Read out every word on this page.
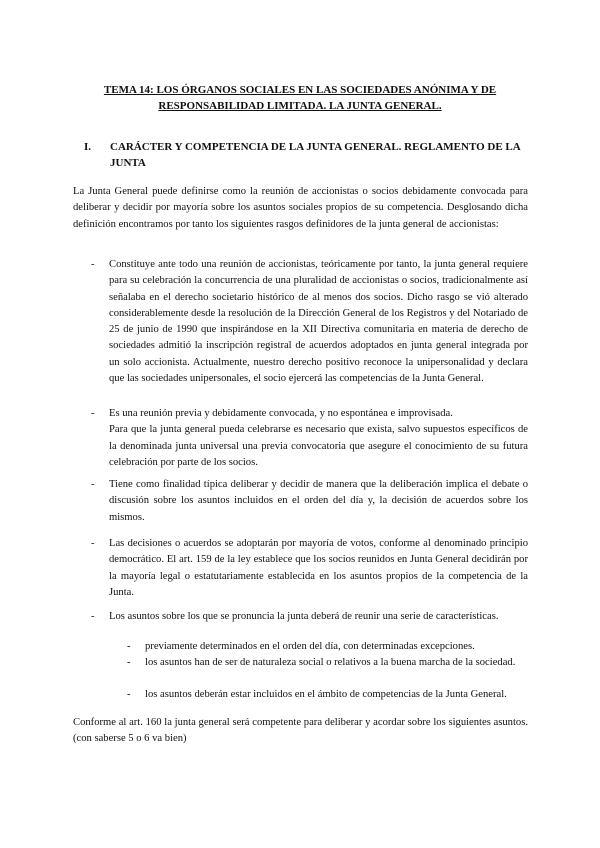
TEMA 14: LOS ÓRGANOS SOCIALES EN LAS SOCIEDADES ANÓNIMA Y DE RESPONSABILIDAD LIMITADA. LA JUNTA GENERAL.
I. CARÁCTER Y COMPETENCIA DE LA JUNTA GENERAL. REGLAMENTO DE LA JUNTA

La Junta General puede definirse como la reunión de accionistas o socios debidamente convocada para deliberar y decidir por mayoría sobre los asuntos sociales propios de su competencia. Desglosando dicha definición encontramos por tanto los siguientes rasgos definidores de la junta general de accionistas:

- Constituye ante todo una reunión de accionistas, teóricamente por tanto, la junta general requiere para su celebración la concurrencia de una pluralidad de accionistas o socios, tradicionalmente así señalaba en el derecho societario histórico de al menos dos socios. Dicho rasgo se vió alterado considerablemente desde la resolución de la Dirección General de los Registros y del Notariado de 25 de junio de 1990 que inspirándose en la XII Directiva comunitaria en materia de derecho de sociedades admitió la inscripción registral de acuerdos adoptados en junta general integrada por un solo accionista. Actualmente, nuestro derecho positivo reconoce la unipersonalidad y declara que las sociedades unipersonales, el socio ejercerá las competencias de la Junta General.
- Es una reunión previa y debidamente convocada, y no espontánea e improvisada.

Para que la junta general pueda celebrarse es necesario que exista, salvo supuestos específicos de la denominada junta universal una previa convocatoria que asegure el conocimiento de su futura celebración por parte de los socios.

- Tiene como finalidad típica deliberar y decidir de manera que la deliberación implica el debate o discusión sobre los asuntos incluidos en el orden del día y, la decisión de acuerdos sobre los mismos.
- Las decisiones o acuerdos se adoptarán por mayoría de votos, conforme al denominado principio democrático. El art. 159 de la ley establece que los socios reunidos en Junta General decidirán por la mayoría legal o estatutariamente establecida en los asuntos propios de la competencia de la Junta.
- Los asuntos sobre los que se pronuncia la junta deberá de reunir una serie de características.
- previamente determinados en el orden del día, con determinadas excepciones.
- los asuntos han de ser de naturaleza social o relativos a la buena marcha de la sociedad.
- los asuntos deberán estar incluidos en el ámbito de competencias de la Junta General.

Conforme al art. 160 la junta general será competente para deliberar y acordar sobre los siguientes asuntos. (con saberse 5 o 6 va bien)
